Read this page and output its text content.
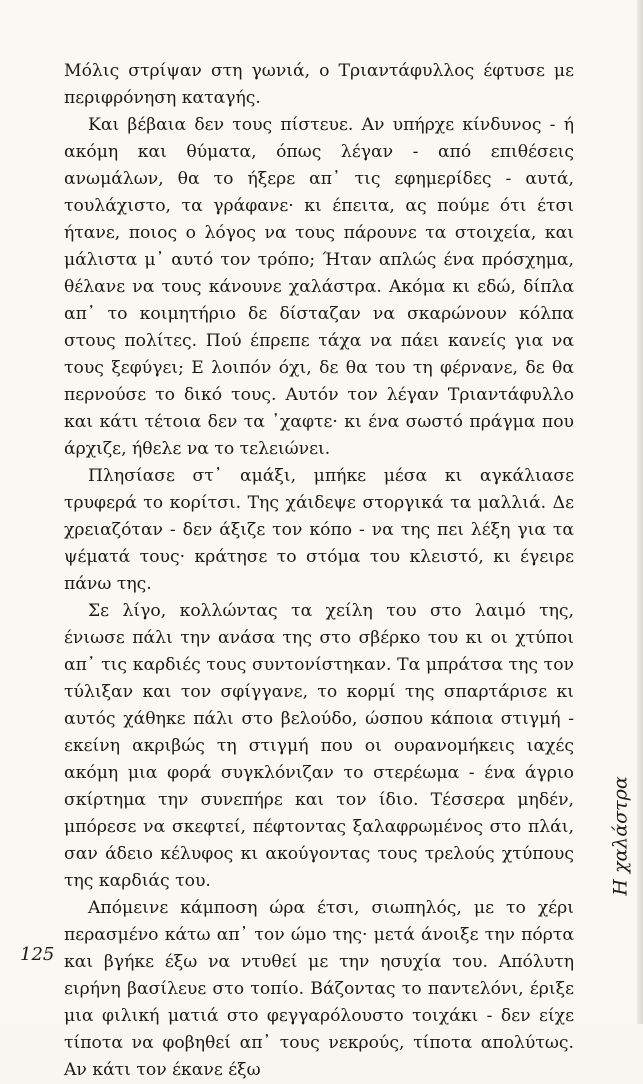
Μόλις στρίψαν στη γωνιά, ο Τριαντάφυλλος έφτυσε με περιφρόνηση καταγής.

Και βέβαια δεν τους πίστευε. Αν υπήρχε κίνδυνος - ή ακόμη και θύματα, όπως λέγαν - από επιθέσεις ανωμάλων, θα το ήξερε απ᾿ τις εφημερίδες - αυτά, τουλάχιστο, τα γράφανε· κι έπειτα, ας πούμε ότι έτσι ήτανε, ποιος ο λόγος να τους πάρουνε τα στοιχεία, και μάλιστα μ᾿ αυτό τον τρόπο; Ήταν απλώς ένα πρόσχημα, θέλανε να τους κάνουνε χαλάστρα. Ακόμα κι εδώ, δίπλα απ᾿ το κοιμητήριο δε δίσταζαν να σκαρώνουν κόλπα στους πολίτες. Πού έπρεπε τάχα να πάει κανείς για να τους ξεφύγει; Ε λοιπόν όχι, δε θα του τη φέρνανε, δε θα περνούσε το δικό τους. Αυτόν τον λέγαν Τριαντάφυλλο και κάτι τέτοια δεν τα ᾿χαφτε· κι ένα σωστό πράγμα που άρχιζε, ήθελε να το τελειώνει.

Πλησίασε στ᾿ αμάξι, μπήκε μέσα κι αγκάλιασε τρυφερά το κορίτσι. Της χάιδεψε στοργικά τα μαλλιά. Δε χρειαζόταν - δεν άξιζε τον κόπο - να της πει λέξη για τα ψέματά τους· κράτησε το στόμα του κλειστό, κι έγειρε πάνω της.

Σε λίγο, κολλώντας τα χείλη του στο λαιμό της, ένιωσε πάλι την ανάσα της στο σβέρκο του κι οι χτύποι απ᾿ τις καρδιές τους συντονίστηκαν. Τα μπράτσα της τον τύλιξαν και τον σφίγγανε, το κορμί της σπαρτάρισε κι αυτός χάθηκε πάλι στο βελούδο, ώσπου κάποια στιγμή - εκείνη ακριβώς τη στιγμή που οι ουρανομήκεις ιαχές ακόμη μια φορά συγκλόνιζαν το στερέωμα - ένα άγριο σκίρτημα την συνεπήρε και τον ίδιο. Τέσσερα μηδέν, μπόρεσε να σκεφτεί, πέφτοντας ξαλαφρωμένος στο πλάι, σαν άδειο κέλυφος κι ακούγοντας τους τρελούς χτύπους της καρδιάς του.

Απόμεινε κάμποση ώρα έτσι, σιωπηλός, με το χέρι περασμένο κάτω απ᾿ τον ώμο της· μετά άνοιξε την πόρτα και βγήκε έξω να ντυθεί με την ησυχία του. Απόλυτη ειρήνη βασίλευε στο τοπίο. Βάζοντας το παντελόνι, έριξε μια φιλική ματιά στο φεγγαρόλουστο τοιχάκι - δεν είχε τίποτα να φοβηθεί απ᾿ τους νεκρούς, τίποτα απολύτως. Αν κάτι τον έκανε έξω

Η χαλάστρα
125
